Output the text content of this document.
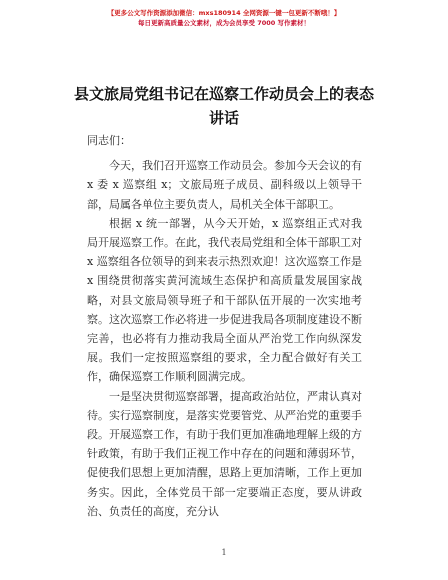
【更多公文写作资源添加微信：mxs180914 全网资源一键一包更新不断哦！】
每日更新高质量公文素材，成为会员享受 7000 写作素材！
县文旅局党组书记在巡察工作动员会上的表态
讲话

同志们：

今天，我们召开巡察工作动员会。参加今天会议的有 x 委 x 巡察组 x；文旅局班子成员、副科级以上领导干部，局属各单位主要负责人，局机关全体干部职工。

根据 x 统一部署，从今天开始，x 巡察组正式对我局开展巡察工作。在此，我代表局党组和全体干部职工对 x 巡察组各位领导的到来表示热烈欢迎！这次巡察工作是 x 围绕贯彻落实黄河流域生态保护和高质量发展国家战略，对县文旅局领导班子和干部队伍开展的一次实地考察。这次巡察工作必将进一步促进我局各项制度建设不断完善，也必将有力推动我局全面从严治党工作向纵深发展。我们一定按照巡察组的要求，全力配合做好有关工作，确保巡察工作顺利圆满完成。

一是坚决贯彻巡察部署，提高政治站位，严肃认真对待。实行巡察制度，是落实党要管党、从严治党的重要手段。开展巡察工作，有助于我们更加准确地理解上级的方针政策，有助于我们正视工作中存在的问题和薄弱环节，促使我们思想上更加清醒，思路上更加清晰，工作上更加务实。因此，全体党员干部一定要端正态度，要从讲政治、负责任的高度，充分认

1
